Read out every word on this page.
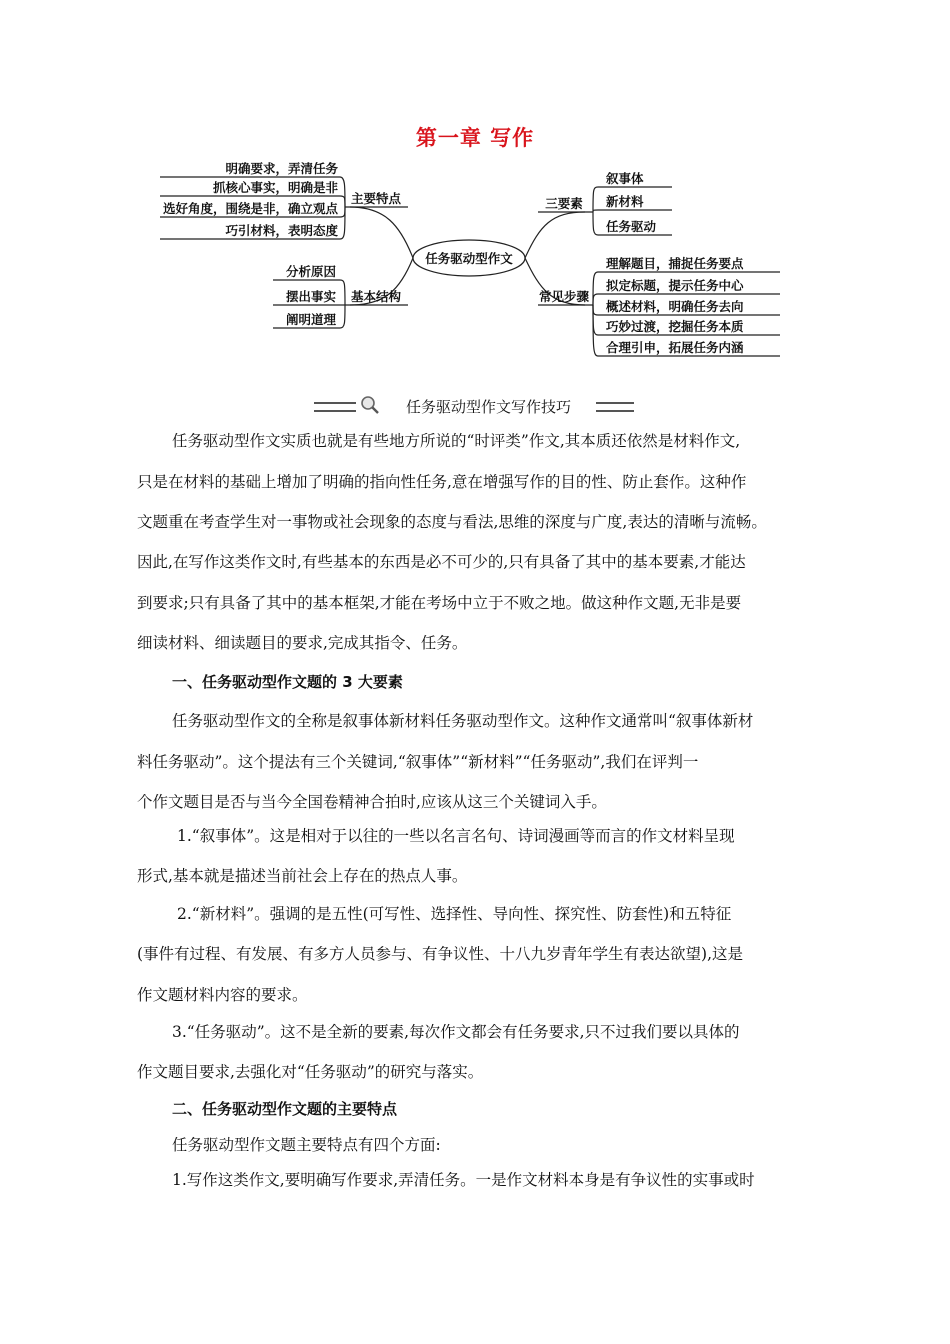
第一章 写作
任务驱动型作文
主要特点
明确要求，弄清任务
抓核心事实，明确是非
选好角度，围绕是非，确立观点
巧引材料，表明态度
基本结构
分析原因
摆出事实
阐明道理
三要素
叙事体
新材料
任务驱动
常见步骤
理解题目，捕捉任务要点
拟定标题，提示任务中心
概述材料，明确任务去向
巧妙过渡，挖掘任务本质
合理引申，拓展任务内涵
任务驱动型作文写作技巧
任务驱动型作文实质也就是有些地方所说的“时评类”作文,其本质还依然是材料作文,
只是在材料的基础上增加了明确的指向性任务,意在增强写作的目的性、防止套作。这种作
文题重在考查学生对一事物或社会现象的态度与看法,思维的深度与广度,表达的清晰与流畅。
因此,在写作这类作文时,有些基本的东西是必不可少的,只有具备了其中的基本要素,才能达
到要求;只有具备了其中的基本框架,才能在考场中立于不败之地。做这种作文题,无非是要
细读材料、细读题目的要求,完成其指令、任务。
一、任务驱动型作文题的 3 大要素
任务驱动型作文的全称是叙事体新材料任务驱动型作文。这种作文通常叫“叙事体新材
料任务驱动”。这个提法有三个关键词,“叙事体”“新材料”“任务驱动”,我们在评判一
个作文题目是否与当今全国卷精神合拍时,应该从这三个关键词入手。
1.“叙事体”。这是相对于以往的一些以名言名句、诗词漫画等而言的作文材料呈现
形式,基本就是描述当前社会上存在的热点人事。
2.“新材料”。强调的是五性(可写性、选择性、导向性、探究性、防套性)和五特征
(事件有过程、有发展、有多方人员参与、有争议性、十八九岁青年学生有表达欲望),这是
作文题材料内容的要求。
3.“任务驱动”。这不是全新的要素,每次作文都会有任务要求,只不过我们要以具体的
作文题目要求,去强化对“任务驱动”的研究与落实。
二、任务驱动型作文题的主要特点
任务驱动型作文题主要特点有四个方面:
1.写作这类作文,要明确写作要求,弄清任务。一是作文材料本身是有争议性的实事或时
